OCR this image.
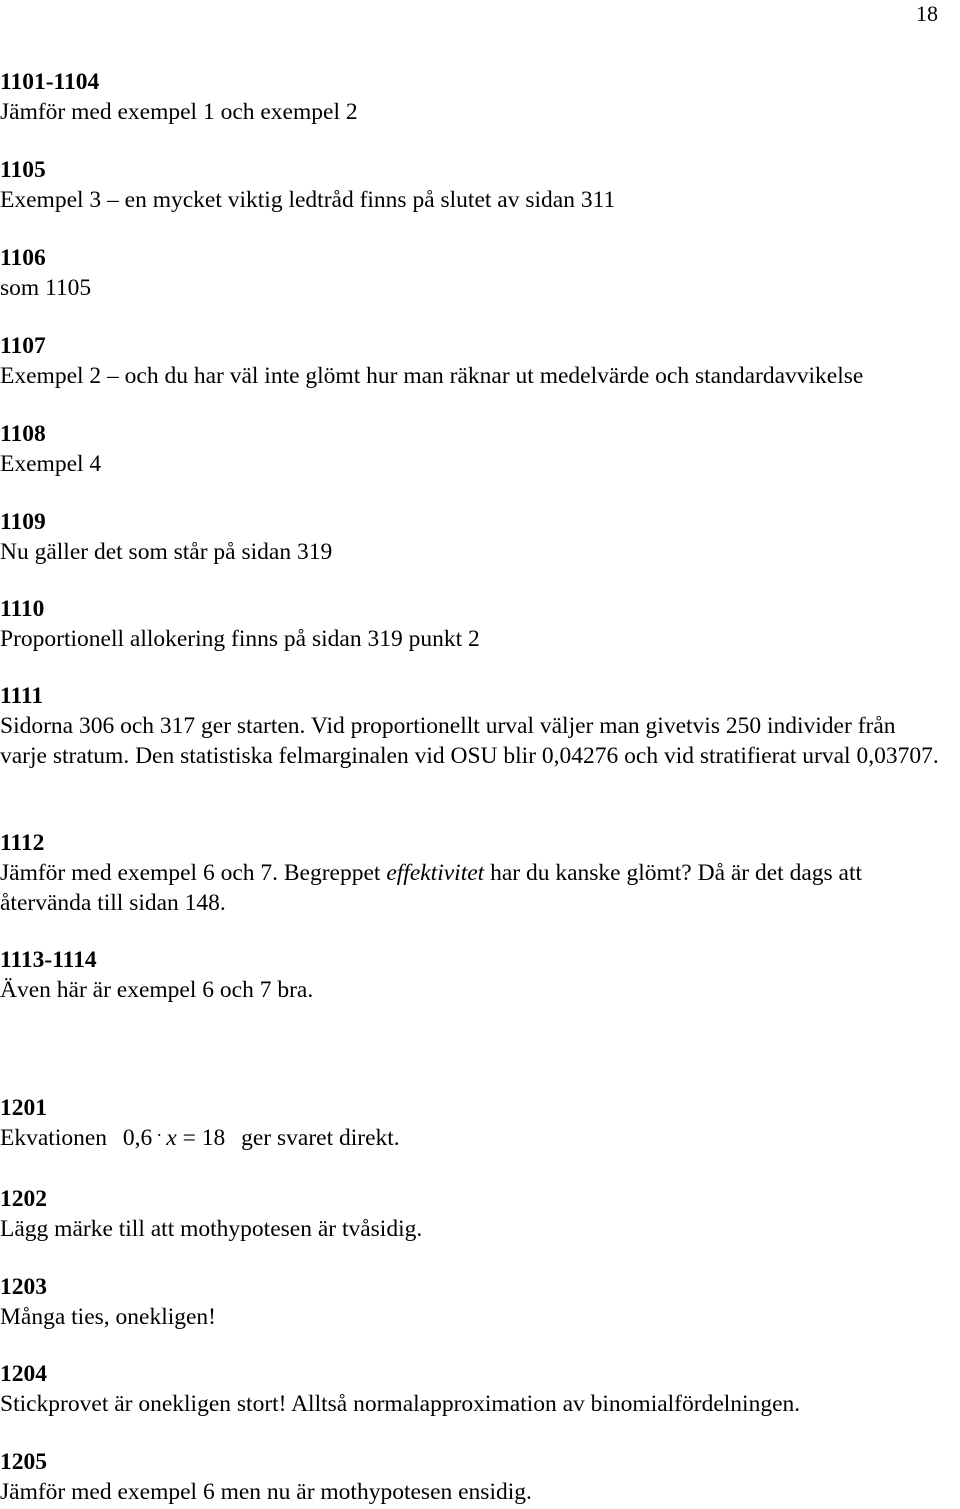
18
1101-1104
Jämför med exempel 1 och exempel 2
1105
Exempel 3 – en mycket viktig ledtråd finns på slutet av sidan 311
1106
som 1105
1107
Exempel 2 – och du har väl inte glömt hur man räknar ut medelvärde och standardavvikelse
1108
Exempel 4
1109
Nu gäller det som står på sidan 319
1110
Proportionell allokering finns på sidan 319 punkt 2
1111
Sidorna 306 och 317 ger starten. Vid proportionellt urval väljer man givetvis 250 individer från varje stratum. Den statistiska felmarginalen vid OSU blir 0,04276 och vid stratifierat urval 0,03707.
1112
Jämför med exempel 6 och 7. Begreppet effektivitet har du kanske glömt? Då är det dags att återvända till sidan 148.
1113-1114
Även här är exempel 6 och 7 bra.
1201
Ekvationen 0,6 · x = 18 ger svaret direkt.
1202
Lägg märke till att mothypotesen är tvåsidig.
1203
Många ties, onekligen!
1204
Stickprovet är onekligen stort! Alltså normalapproximation av binomialfördelningen.
1205
Jämför med exempel 6 men nu är mothypotesen ensidig.
